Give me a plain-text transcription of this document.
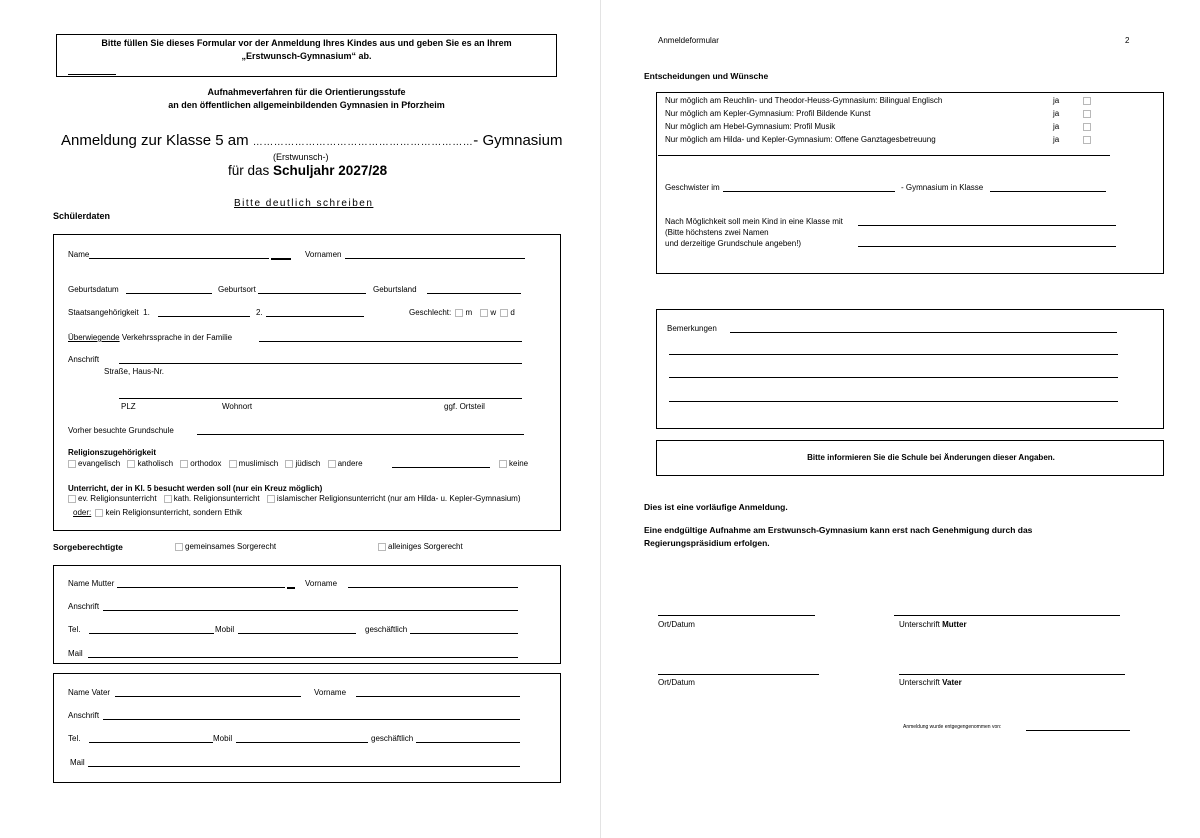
Bitte füllen Sie dieses Formular vor der Anmeldung Ihres Kindes aus und geben Sie es an Ihrem
„Erstwunsch-Gymnasium“ ab.
Aufnahmeverfahren für die Orientierungsstufe
an den öffentlichen allgemeinbildenden Gymnasien in Pforzheim
Anmeldung zur Klasse 5 am ………………………………………………………- Gymnasium
(Erstwunsch-)
für das Schuljahr 2027/28
Bitte deutlich schreiben
Schülerdaten
Name	Vornamen
Geburtsdatum	Geburtsort	Geburtsland
Staatsangehörigkeit 1.	2.	Geschlecht: m w d
Überwiegende Verkehrssprache in der Familie
Anschrift
Straße, Haus-Nr.
PLZ	Wohnort	ggf. Ortsteil
Vorher besuchte Grundschule
Religionszugehörigkeit
evangelisch katholisch orthodox muslimisch jüdisch andere	keine
Unterricht, der in Kl. 5 besucht werden soll (nur ein Kreuz möglich)
ev. Religionsunterricht kath. Religionsunterricht islamischer Religionsunterricht (nur am Hilda- u. Kepler-Gymnasium)
oder: kein Religionsunterricht, sondern Ethik
Sorgeberechtigte	gemeinsames Sorgerecht	alleiniges Sorgerecht
Name Mutter	Vorname
Anschrift
Tel.	Mobil	geschäftlich
Mail
Name Vater	Vorname
Anschrift
Tel.	Mobil	geschäftlich
Mail
Anmeldeformular	2
Entscheidungen und Wünsche
Nur möglich am Reuchlin- und Theodor-Heuss-Gymnasium: Bilingual Englisch	ja
Nur möglich am Kepler-Gymnasium: Profil Bildende Kunst	ja
Nur möglich am Hebel-Gymnasium: Profil Musik	ja
Nur möglich am Hilda- und Kepler-Gymnasium: Offene Ganztagesbetreuung	ja
Geschwister im	- Gymnasium in Klasse
Nach Möglichkeit soll mein Kind in eine Klasse mit
(Bitte höchstens zwei Namen
und derzeitige Grundschule angeben!)
Bemerkungen
Bitte informieren Sie die Schule bei Änderungen dieser Angaben.
Dies ist eine vorläufige Anmeldung.
Eine endgültige Aufnahme am Erstwunsch-Gymnasium kann erst nach Genehmigung durch das
Regierungspräsidium erfolgen.
Ort/Datum	Unterschrift Mutter
Ort/Datum	Unterschrift Vater
Anmeldung wurde entgegengenommen von:
